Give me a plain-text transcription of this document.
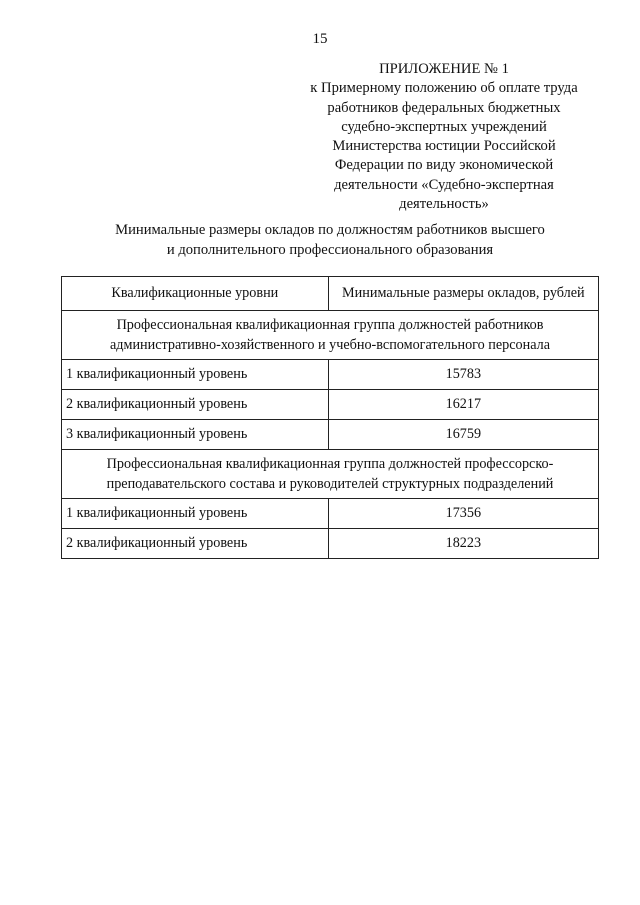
15
ПРИЛОЖЕНИЕ № 1
к Примерному положению об оплате труда
работников федеральных бюджетных
судебно-экспертных учреждений
Министерства юстиции Российской
Федерации по виду экономической
деятельности «Судебно-экспертная
деятельность»
Минимальные размеры окладов по должностям работников высшего
и дополнительного профессионального образования
Квалификационные уровни	Минимальные размеры окладов, рублей

Профессиональная квалификационная группа должностей работников
административно-хозяйственного и учебно-вспомогательного персонала	

1 квалификационный уровень	15783
2 квалификационный уровень	16217
3 квалификационный уровень	16759

Профессиональная квалификационная группа должностей профессорско-
преподавательского состава и руководителей структурных подразделений	

1 квалификационный уровень	17356
2 квалификационный уровень	18223
